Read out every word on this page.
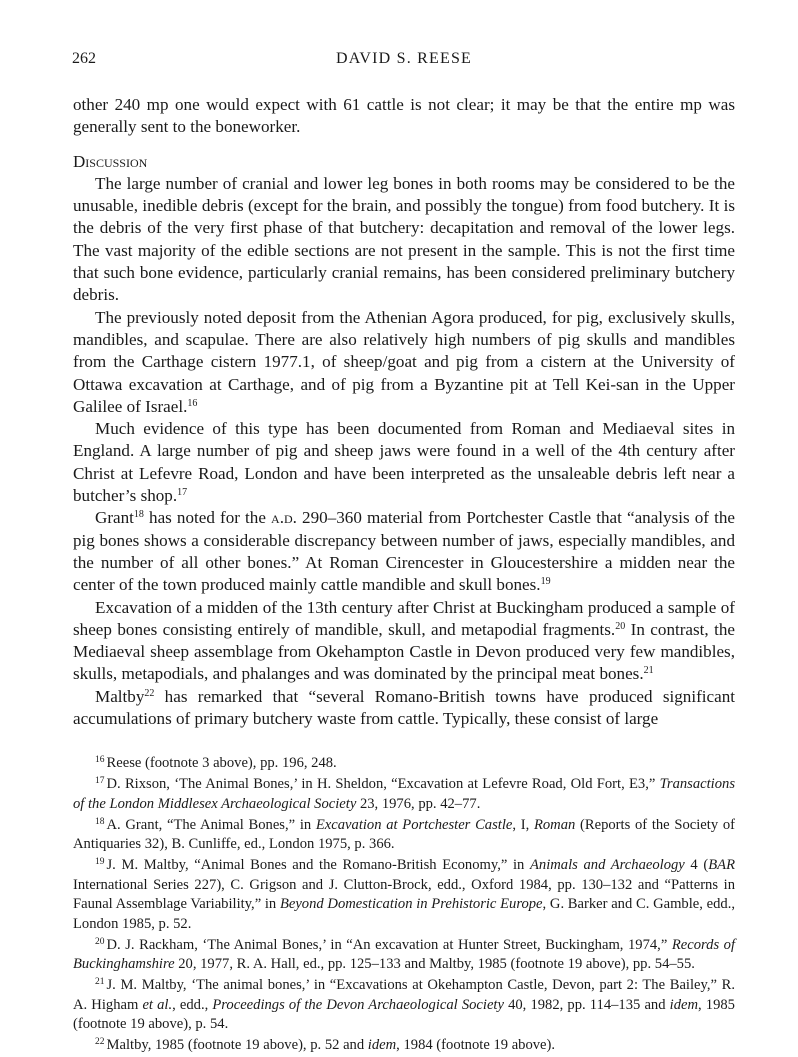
262	DAVID S. REESE

other 240 mp one would expect with 61 cattle is not clear; it may be that the entire mp was generally sent to the boneworker.

Discussion

The large number of cranial and lower leg bones in both rooms may be considered to be the unusable, inedible debris (except for the brain, and possibly the tongue) from food butchery. It is the debris of the very first phase of that butchery: decapitation and removal of the lower legs. The vast majority of the edible sections are not present in the sample. This is not the first time that such bone evidence, particularly cranial remains, has been considered preliminary butchery debris.

The previously noted deposit from the Athenian Agora produced, for pig, exclusively skulls, mandibles, and scapulae. There are also relatively high numbers of pig skulls and mandibles from the Carthage cistern 1977.1, of sheep/goat and pig from a cistern at the University of Ottawa excavation at Carthage, and of pig from a Byzantine pit at Tell Kei-san in the Upper Galilee of Israel.$^{16}$

Much evidence of this type has been documented from Roman and Mediaeval sites in England. A large number of pig and sheep jaws were found in a well of the 4th century after Christ at Lefevre Road, London and have been interpreted as the unsaleable debris left near a butcher’s shop.$^{17}$

Grant$^{18}$ has noted for the a.d. 290–360 material from Portchester Castle that “analysis of the pig bones shows a considerable discrepancy between number of jaws, especially mandibles, and the number of all other bones.” At Roman Cirencester in Gloucestershire a midden near the center of the town produced mainly cattle mandible and skull bones.$^{19}$

Excavation of a midden of the 13th century after Christ at Buckingham produced a sample of sheep bones consisting entirely of mandible, skull, and metapodial fragments.$^{20}$ In contrast, the Mediaeval sheep assemblage from Okehampton Castle in Devon produced very few mandibles, skulls, metapodials, and phalanges and was dominated by the principal meat bones.$^{21}$

Maltby$^{22}$ has remarked that “several Romano-British towns have produced significant accumulations of primary butchery waste from cattle. Typically, these consist of large

$^{16}$ Reese (footnote 3 above), pp. 196, 248.

$^{17}$ D. Rixson, ‘The Animal Bones,’ in H. Sheldon, “Excavation at Lefevre Road, Old Fort, E3,” Transactions of the London Middlesex Archaeological Society 23, 1976, pp. 42–77.

$^{18}$ A. Grant, “The Animal Bones,” in Excavation at Portchester Castle, I, Roman (Reports of the Society of Antiquaries 32), B. Cunliffe, ed., London 1975, p. 366.

$^{19}$ J. M. Maltby, “Animal Bones and the Romano-British Economy,” in Animals and Archaeology 4 (BAR International Series 227), C. Grigson and J. Clutton-Brock, edd., Oxford 1984, pp. 130–132 and “Patterns in Faunal Assemblage Variability,” in Beyond Domestication in Prehistoric Europe, G. Barker and C. Gamble, edd., London 1985, p. 52.

$^{20}$ D. J. Rackham, ‘The Animal Bones,’ in “An excavation at Hunter Street, Buckingham, 1974,” Records of Buckinghamshire 20, 1977, R. A. Hall, ed., pp. 125–133 and Maltby, 1985 (footnote 19 above), pp. 54–55.

$^{21}$ J. M. Maltby, ‘The animal bones,’ in “Excavations at Okehampton Castle, Devon, part 2: The Bailey,” R. A. Higham et al., edd., Proceedings of the Devon Archaeological Society 40, 1982, pp. 114–135 and idem, 1985 (footnote 19 above), p. 54.

$^{22}$ Maltby, 1985 (footnote 19 above), p. 52 and idem, 1984 (footnote 19 above).
